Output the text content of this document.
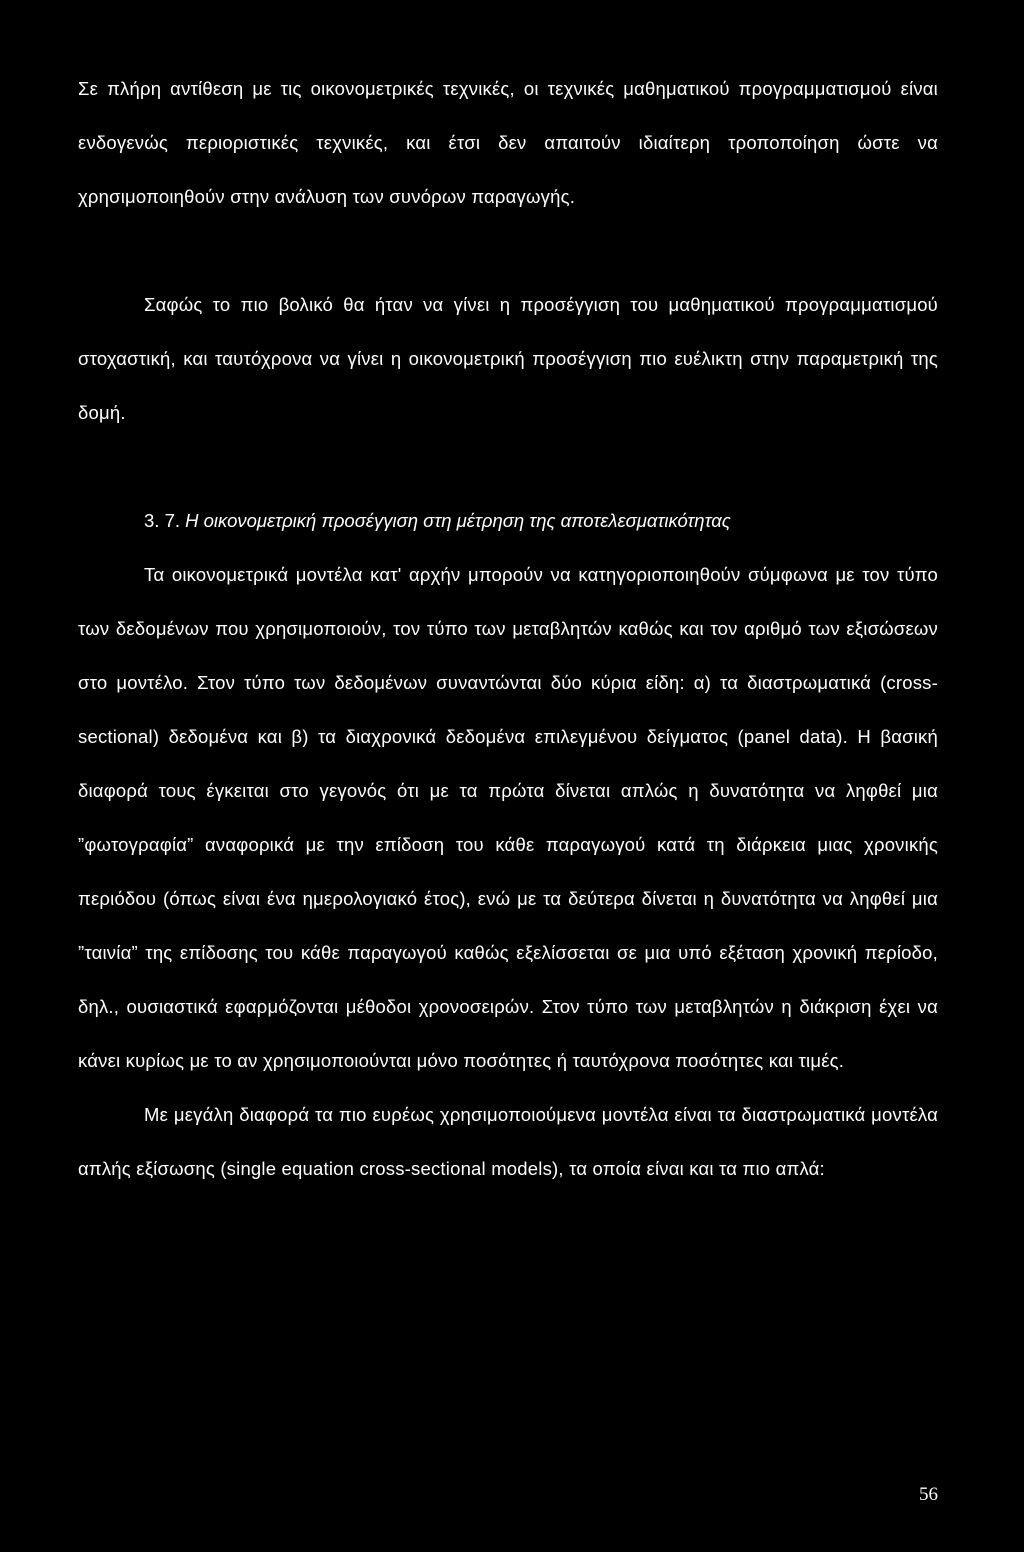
Σε πλήρη αντίθεση με τις οικονομετρικές τεχνικές, οι τεχνικές μαθηματικού προγραμματισμού είναι ενδογενώς περιοριστικές τεχνικές, και έτσι δεν απαιτούν ιδιαίτερη τροποποίηση ώστε να χρησιμοποιηθούν στην ανάλυση των συνόρων παραγωγής.

Σαφώς το πιο βολικό θα ήταν να γίνει η προσέγγιση του μαθηματικού προγραμματισμού στοχαστική, και ταυτόχρονα να γίνει η οικονομετρική προσέγγιση πιο ευέλικτη στην παραμετρική της δομή.

3. 7. Η οικονομετρική προσέγγιση στη μέτρηση της αποτελεσματικότητας

Τα οικονομετρικά μοντέλα κατ' αρχήν μπορούν να κατηγοριοποιηθούν σύμφωνα με τον τύπο των δεδομένων που χρησιμοποιούν, τον τύπο των μεταβλητών καθώς και τον αριθμό των εξισώσεων στο μοντέλο. Στον τύπο των δεδομένων συναντώνται δύο κύρια είδη: α) τα διαστρωματικά (cross-sectional) δεδομένα και β) τα διαχρονικά δεδομένα επιλεγμένου δείγματος (panel data). Η βασική διαφορά τους έγκειται στο γεγονός ότι με τα πρώτα δίνεται απλώς η δυνατότητα να ληφθεί μια ”φωτογραφία” αναφορικά με την επίδοση του κάθε παραγωγού κατά τη διάρκεια μιας χρονικής περιόδου (όπως είναι ένα ημερολογιακό έτος), ενώ με τα δεύτερα δίνεται η δυνατότητα να ληφθεί μια ”ταινία” της επίδοσης του κάθε παραγωγού καθώς εξελίσσεται σε μια υπό εξέταση χρονική περίοδο, δηλ., ουσιαστικά εφαρμόζονται μέθοδοι χρονοσειρών. Στον τύπο των μεταβλητών η διάκριση έχει να κάνει κυρίως με το αν χρησιμοποιούνται μόνο ποσότητες ή ταυτόχρονα ποσότητες και τιμές.

Με μεγάλη διαφορά τα πιο ευρέως χρησιμοποιούμενα μοντέλα είναι τα διαστρωματικά μοντέλα απλής εξίσωσης (single equation cross-sectional models), τα οποία είναι και τα πιο απλά:

56
